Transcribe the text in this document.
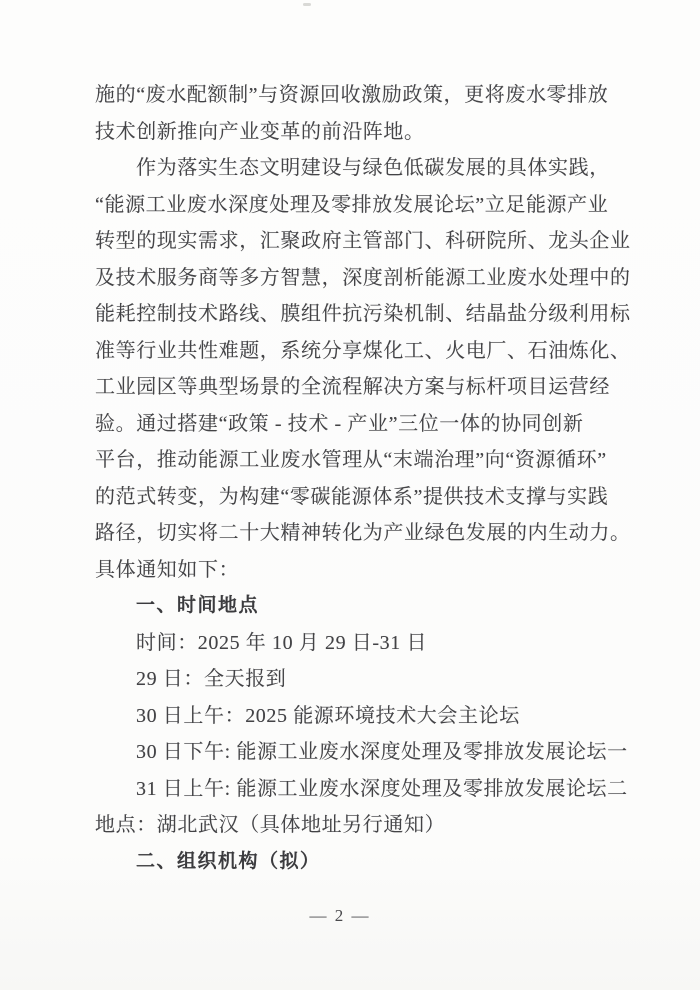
施的“废水配额制”与资源回收激励政策，更将废水零排放
技术创新推向产业变革的前沿阵地。
作为落实生态文明建设与绿色低碳发展的具体实践，
“能源工业废水深度处理及零排放发展论坛”立足能源产业
转型的现实需求，汇聚政府主管部门、科研院所、龙头企业
及技术服务商等多方智慧，深度剖析能源工业废水处理中的
能耗控制技术路线、膜组件抗污染机制、结晶盐分级利用标
准等行业共性难题，系统分享煤化工、火电厂、石油炼化、
工业园区等典型场景的全流程解决方案与标杆项目运营经
验。通过搭建“政策 - 技术 - 产业”三位一体的协同创新
平台，推动能源工业废水管理从“末端治理”向“资源循环”
的范式转变，为构建“零碳能源体系”提供技术支撑与实践
路径，切实将二十大精神转化为产业绿色发展的内生动力。
具体通知如下：
一、时间地点
时间：2025 年 10 月 29 日-31 日
29 日：全天报到
30 日上午：2025 能源环境技术大会主论坛
30 日下午: 能源工业废水深度处理及零排放发展论坛一
31 日上午: 能源工业废水深度处理及零排放发展论坛二
地点：湖北武汉（具体地址另行通知）
二、组织机构（拟）
— 2 —
